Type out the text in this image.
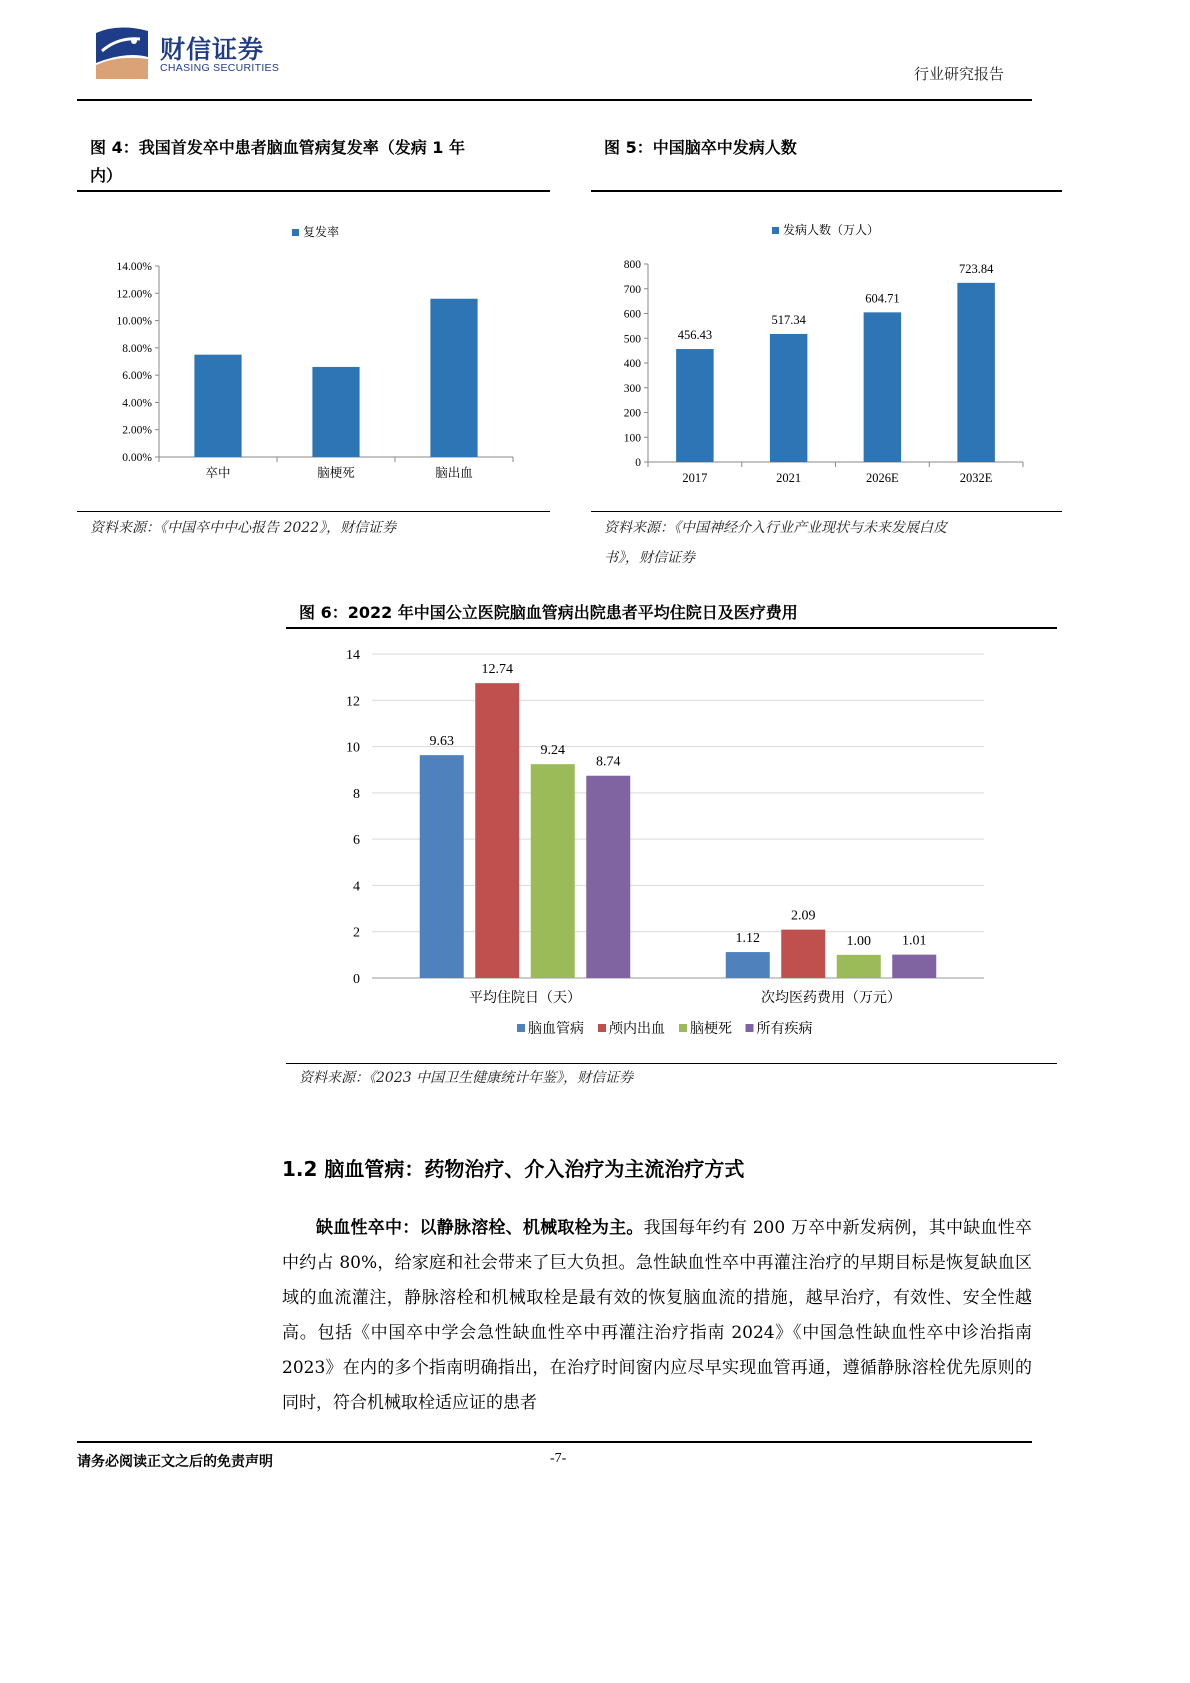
财信证券
CHASING SECURITIES	行业研究报告
图 4：我国首发卒中患者脑血管病复发率（发病 1 年
内）
复发率
0.00%
2.00%
4.00%
6.00%
8.00%
10.00%
12.00%
14.00%
卒中	脑梗死	脑出血
资料来源：《中国卒中中心报告 2022》，财信证券
图 5：中国脑卒中发病人数
发病人数（万人）
0
100
200
300
400
500
600
700
800
2017
456.43
2021
517.34
2026E
604.71
2032E
723.84
资料来源：《中国神经介入行业产业现状与未来发展白皮
书》，财信证券
图 6：2022 年中国公立医院脑血管病出院患者平均住院日及医疗费用
0
2
4
6
8
10
12
14
9.63
12.74
9.24
8.74
平均住院日（天）
1.12
2.09
1.00 1.01
次均医药费用（万元）
脑血管病 颅内出血 脑梗死 所有疾病
资料来源：《2023 中国卫生健康统计年鉴》，财信证券
1.2 脑血管病：药物治疗、介入治疗为主流治疗方式
缺血性卒中：以静脉溶栓、机械取栓为主。我国每年约有 200 万卒中新发病例，其中缺血性卒中约占 80%，给家庭和社会带来了巨大负担。急性缺血性卒中再灌注治疗的早期目标是恢复缺血区域的血流灌注，静脉溶栓和机械取栓是最有效的恢复脑血流的措施，越早治疗，有效性、安全性越高。包括《中国卒中学会急性缺血性卒中再灌注治疗指南 2024》《中国急性缺血性卒中诊治指南 2023》在内的多个指南明确指出，在治疗时间窗内应尽早实现血管再通，遵循静脉溶栓优先原则的同时，符合机械取栓适应证的患者
请务必阅读正文之后的免责声明	-7-
